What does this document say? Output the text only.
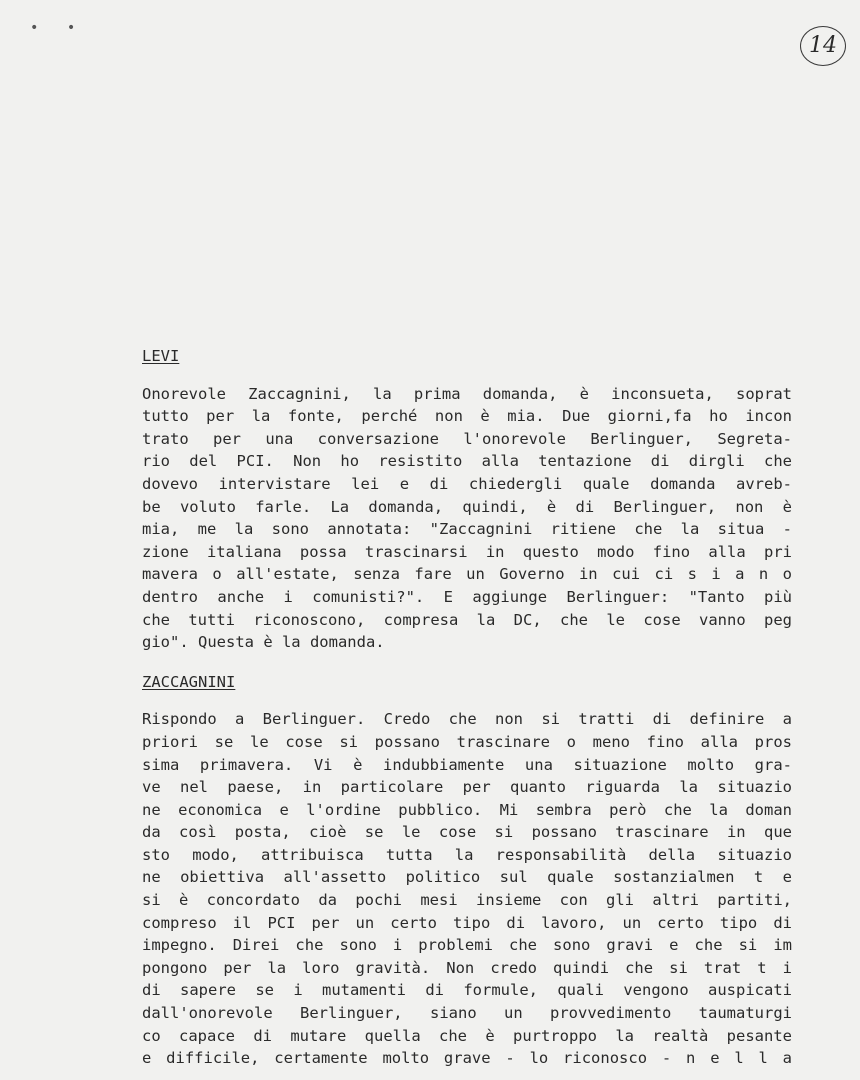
• •
14
LEVI
Onorevole Zaccagnini, la prima domanda, è inconsueta, soprat
tutto per la fonte, perché non è mia. Due giorni,fa ho incon
trato per una conversazione l'onorevole Berlinguer, Segreta-
rio del PCI. Non ho resistito alla tentazione di dirgli che
dovevo intervistare lei e di chiedergli quale domanda avreb-
be voluto farle. La domanda, quindi, è di Berlinguer, non è
mia, me la sono annotata: "Zaccagnini ritiene che la situa -
zione italiana possa trascinarsi in questo modo fino alla pri
mavera o all'estate, senza fare un Governo in cui ci s i a n o
dentro anche i comunisti?". E aggiunge Berlinguer: "Tanto più
che tutti riconoscono, compresa la DC, che le cose vanno peg
gio". Questa è la domanda.
ZACCAGNINI
Rispondo a Berlinguer. Credo che non si tratti di definire a
priori se le cose si possano trascinare o meno fino alla pros
sima primavera. Vi è indubbiamente una situazione molto gra-
ve nel paese, in particolare per quanto riguarda la situazio
ne economica e l'ordine pubblico. Mi sembra però che la doman
da così posta, cioè se le cose si possano trascinare in que
sto modo, attribuisca tutta la responsabilità della situazio
ne obiettiva all'assetto politico sul quale sostanzialmen t e
si è concordato da pochi mesi insieme con gli altri partiti,
compreso il PCI per un certo tipo di lavoro, un certo tipo di
impegno. Direi che sono i problemi che sono gravi e che si im
pongono per la loro gravità. Non credo quindi che si trat t i
di sapere se i mutamenti di formule, quali vengono auspicati
dall'onorevole Berlinguer, siano un provvedimento taumaturgi
co capace di mutare quella che è purtroppo la realtà pesante
e difficile, certamente molto grave - lo riconosco - n e l l a
